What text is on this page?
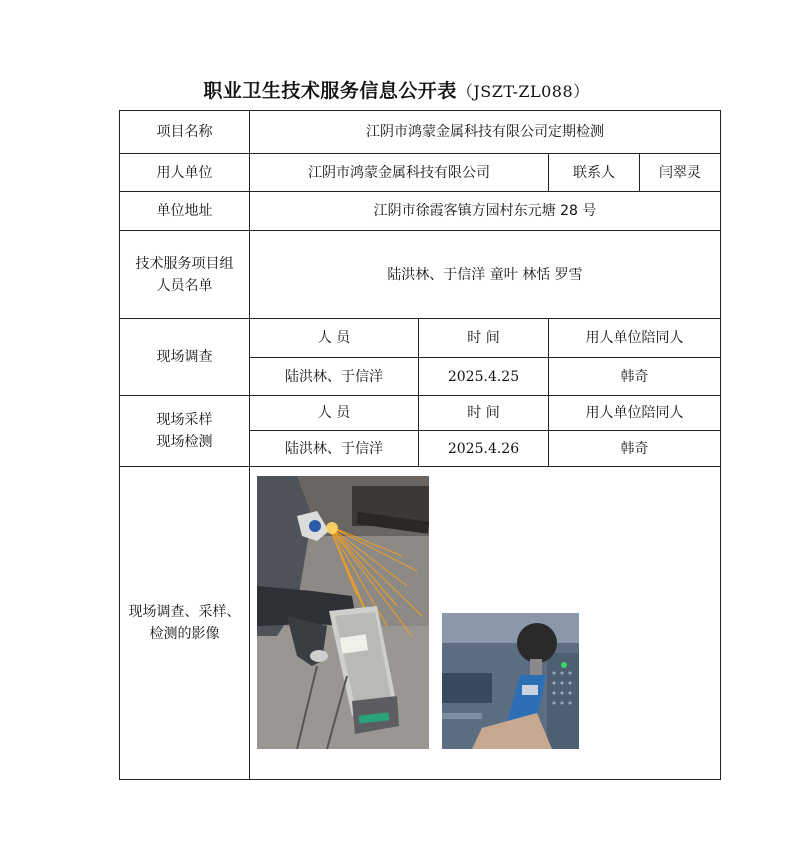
职业卫生技术服务信息公开表（JSZT-ZL088）
项目名称	江阴市鸿蒙金属科技有限公司定期检测			
用人单位	江阴市鸿蒙金属科技有限公司		联系人	闫翠灵
单位地址	江阴市徐霞客镇方园村东元塘 28 号			

技术服务项目组
人员名单	陆洪林、于信洋 童叶 林恬 罗雪			
现场调查	人 员	时 间	用人单位陪同人	
	陆洪林、于信洋	2025.4.25	韩奇	

现场采样
现场检测	人 员	时 间	用人单位陪同人	
	陆洪林、于信洋	2025.4.26	韩奇	

现场调查、采样、
检测的影像
